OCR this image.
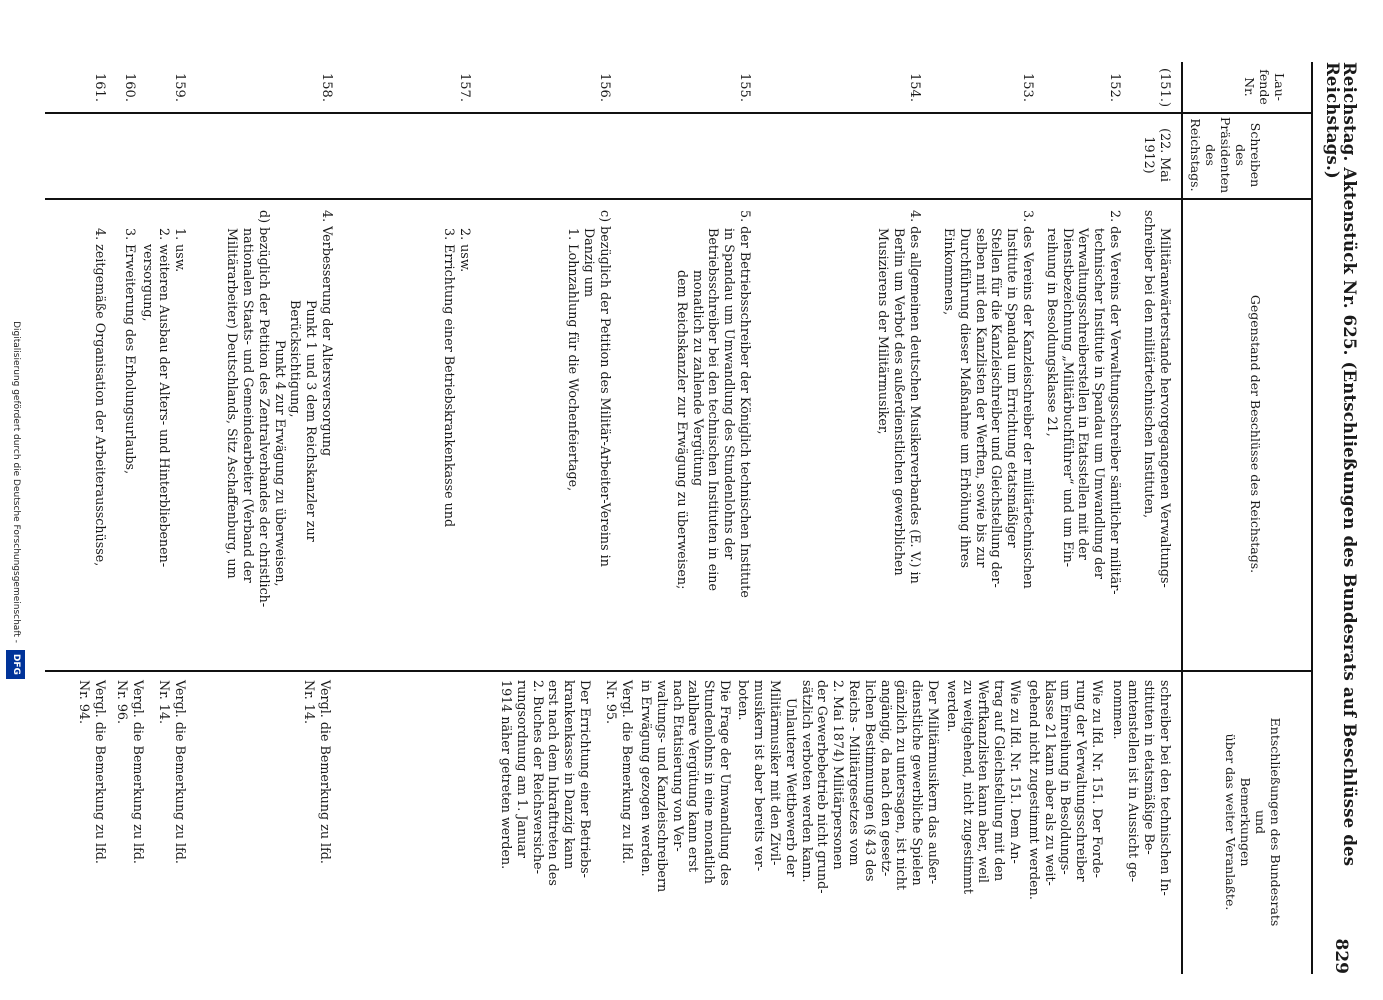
Reichstag. Aktenstück Nr. 625. (Entschließungen des Bundesrats auf Beschlüsse des Reichstags.)
829
Lau-fende Nr.
Schreiben des Präsidenten des Reichstags.
Gegenstand der Beschlüsse des Reichstags.
Entschließungen des Bundesrats
und
Bemerkungen
über das weiter Veranlaßte.
(151.)
(22. Mai 1912)
152.
153.
154.
155.
156.
157.
158.
159.
160.
161.
Militäranwärterstande hervorgegangenen Verwaltungs-
schreiber bei den militärtechnischen Instituten,
2. des Vereins der Verwaltungsschreiber sämtlicher militär-
technischer Institute in Spandau um Umwandlung der
Verwaltungsschreiberstellen in Etatsstellen mit der
Dienstbezeichnung „Militärbuchführer“ und um Ein-
reihung in Besoldungsklasse 21,
3. des Vereins der Kanzleischreiber der militärtechnischen
Institute in Spandau um Errichtung etatsmäßiger
Stellen für die Kanzleischreiber und Gleichstellung der-
selben mit den Kanzlisten der Werften, sowie bis zur
Durchführung dieser Maßnahme um Erhöhung ihres
Einkommens,
4. des allgemeinen deutschen Musikerverbandes (E. V.) in
Berlin um Verbot des außerdienstlichen gewerblichen
Musizierens der Militärmusiker,
5. der Betriebsschreiber der Königlich technischen Institute
in Spandau um Umwandlung des Stundenlohns der
Betriebsschreiber bei den technischen Instituten in eine
monatlich zu zahlende Vergütung
dem Reichskanzler zur Erwägung zu überweisen;
c) bezüglich der Petition des Militär-Arbeiter-Vereins in
Danzig um
1. Lohnzahlung für die Wochenfeiertage,
2. usw.
3. Errichtung einer Betriebskrankenkasse und
4. Verbesserung der Altersversorgung
Punkt 1 und 3 dem Reichskanzler zur Berücksichtigung,
Punkt 4 zur Erwägung zu überweisen,
d) bezüglich der Petition des Zentralverbandes der christlich-
nationalen Staats- und Gemeindearbeiter (Verband der
Militärarbeiter) Deutschlands, Sitz Aschaffenburg, um
1. usw.
2. weiteren Ausbau der Alters- und Hinterbliebenen-
versorgung,
3. Erweiterung des Erholungsurlaubs,
4. zeitgemäße Organisation der Arbeiterausschüsse,
schreiber bei den technischen In-
stituten in etatsmäßige Be-
amtenstellen ist in Aussicht ge-
nommen.
Wie zu lfd. Nr. 151. Der Forde-
rung der Verwaltungsschreiber
um Einreihung in Besoldungs-
klasse 21 kann aber als zu weit-
gehend nicht zugestimmt werden.
Wie zu lfd. Nr. 151. Dem An-
trag auf Gleichstellung mit den
Werftkanzlisten kann aber, weil
zu weitgehend, nicht zugestimmt
werden.
Der Militärmusikern das außer-
dienstliche gewerbliche Spielen
gänzlich zu untersagen, ist nicht
angängig, da nach den gesetz-
lichen Bestimmungen (§ 43 des
Reichs - Militärgesetzes vom
2. Mai 1874) Militärpersonen
der Gewerbebetrieb nicht grund-
sätzlich verboten werden kann.
Unlauterer Wettbewerb der
Militärmusiker mit den Zivil-
musikern ist aber bereits ver-
boten.
Die Frage der Umwandlung des
Stundenlohns in eine monatlich
zahlbare Vergütung kann erst
nach Etatisierung von Ver-
waltungs- und Kanzleischreibern
in Erwägung gezogen werden.
Vergl. die Bemerkung zu lfd.
Nr. 95.
Der Errichtung einer Betriebs-
krankenkasse in Danzig kann
erst nach dem Inkrafttreten des
2. Buches der Reichsversiche-
rungsordnung am 1. Januar
1914 näher getreten werden.
Vergl. die Bemerkung zu lfd.
Nr. 14.
Vergl. die Bemerkung zu lfd.
Nr. 14.
Vergl. die Bemerkung zu lfd.
Nr. 96.
Vergl. die Bemerkung zu lfd.
Nr. 94.
Digitalisierung gefördert durch die Deutsche Forschungsgemeinschaft - DFG
